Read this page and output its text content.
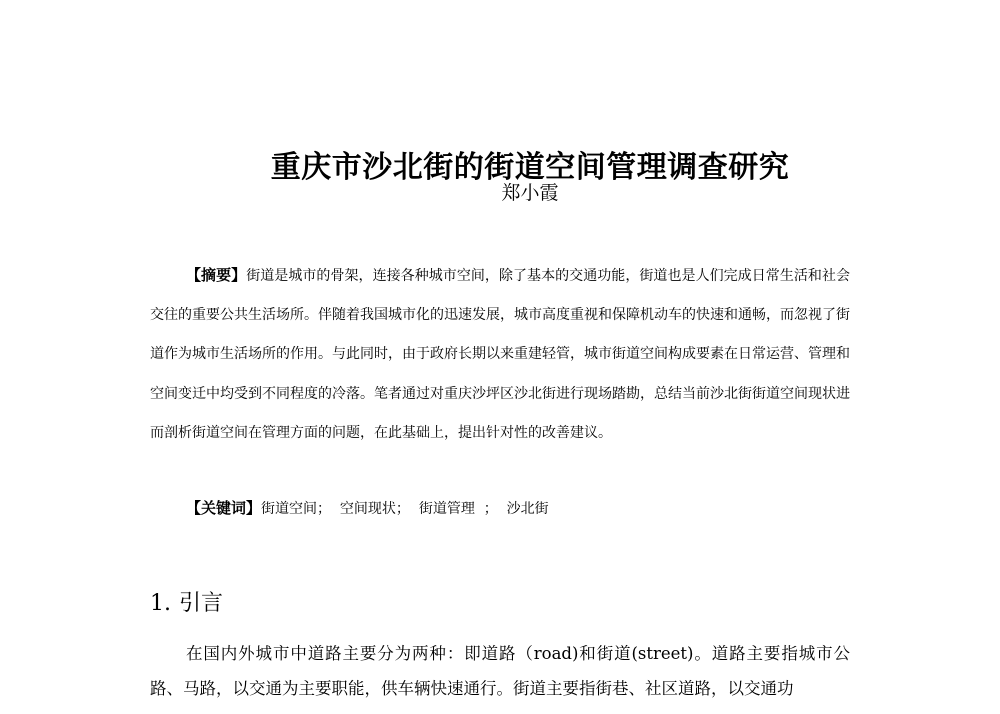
重庆市沙北街的街道空间管理调查研究
郑小霞

【摘要】街道是城市的骨架，连接各种城市空间，除了基本的交通功能，街道也是人们完成日常生活和社会交往的重要公共生活场所。伴随着我国城市化的迅速发展，城市高度重视和保障机动车的快速和通畅，而忽视了街道作为城市生活场所的作用。与此同时，由于政府长期以来重建轻管，城市街道空间构成要素在日常运营、管理和空间变迁中均受到不同程度的冷落。笔者通过对重庆沙坪区沙北街进行现场踏勘，总结当前沙北街街道空间现状进而剖析街道空间在管理方面的问题，在此基础上，提出针对性的改善建议。

【关键词】街道空间；  空间现状；  街道管理  ；  沙北街

1. 引言

在国内外城市中道路主要分为两种：即道路（road)和街道(street)。道路主要指城市公路、马路，以交通为主要职能，供车辆快速通行。街道主要指街巷、社区道路，以交通功
